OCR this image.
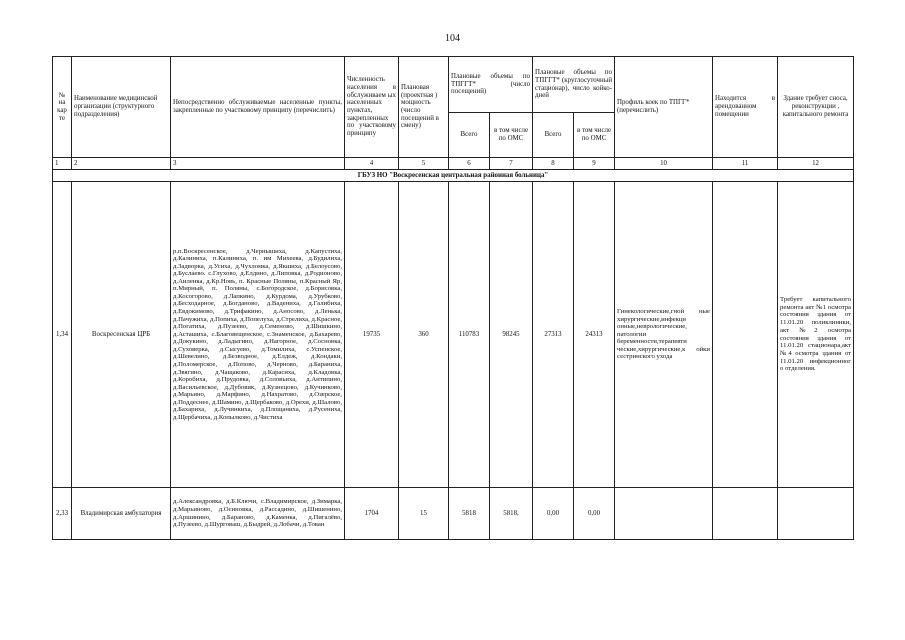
104
№ на кар те	Наименование медицинской организации (структурного подразделения)	Непосредственно обслуживаемые населенные пункты, закрепленные по участковому принципу (перечислить)	Численность населения в обслуживаем ых населенных пунктах, закрепленных по участковому принципу	Плановая (проектная ) мощность (число посещений в смену)	Плановые объемы по ТПГГТ* (число посещений)		Плановые объемы по ТПГГТ* (круглосуточный стационар), число койко-дней		Профиль коек по ТПГГ* (перечислить)	Находится в арендованном помещении	Здание требует сноса, реконструкции , капитального ремонта
					Всего	в том числе по ОМС	Всего	в том числе по ОМС			
1	2	3	4	5	6	7	8	9	10	11	12
ГБУЗ НО "Воскресенская центральная районная больница"											
1,34	Воскресенская ЦРБ	р.п.Воскресенское, д.Чернышиха, д.Капустиха, д.Калиниха, п.Калиниха, п. им Михеева, д.Будилиха, д.Задворка, д.Усиха, д.Чухломка, д.Якшиха, д.Белоусово, д.Буслаево. с.Глухово, д.Елдино, д.Липовка, д.Родионово, д.Аиленка, д.Кр.Новь, п. Красные Поляны, п.Красный Яр, п.Мирный, п. Поляны, с.Богородское, д.Борисовка, д.Косогорово, д.Лапкино, д.Курдома, д.Урубково, д.Бесходарное, д.Богданово, д.Вадениха, д.Галибиха, д.Евдокимово, д.Трифакино, д.Аносово, д.Ленька, д.Пачужиха, д.Попиха, д.Попелуха, д.Стрелиха, д.Красное, д.Погатиха, д.Пузеево, д.Семеново, д.Шишкино, д.Асташиха, с.Благовещенское, с.Знаменское, д.Бахарево, д.Докукино, д.Ладыгино, д.Нагорное, д.Сосновка, д.Суховерка, д.Сысуево, д.Томилиха, с.Успенское, д.Шевелино, д.Безводное, д.Елдеж, д.Кондаки, д.Поломерское, д.Попово, д.Черново, д.Бараниха, д.Звягино, д.Чащаково, д.Карасиха, д.Кладовка, д.Коробиха, д.Прудовка, д.Соловьиха, д.Антипино, д.Васильевское, д.Дубовик, д.Кузнецово, д.Кучинково, д.Марьино, д.Марфино, д.Нахратово, д.Озерское, д.Поддеснее, д.Шамино, д.Щербаково, д.Орехи, д.Шалово, д.Бахариха, д.Лучинкиха, д.Площаниха, д.Русениха, д.Щербачиха, д.Копылково, д.Чистиха	19735	360	110783	98245	27313	24313	Гинекологические,гной ные хирургические,инфекци онные,неврологические, патологии беременности,терапевти ческие,хирургические,к ойки сестринского ухода		Требует капитального ремонта акт №1 осмотра состояния здания от 11.01.20 поликлиники, акт №2 осмотра состояния здания от 11.01.20 стационара,акт №4 осмотра здания от 11.01.20 инфекционног о отделения.
2,33	Владимирская амбулатория	д.Александровка, д.Б.Ключи, с.Владимирское, д.Зимарка, д.Марьиново, д.Осиновка, д.Рассадино, д.Шишенино, д.Аршинино, д.Бараново, д.Каменка, д.Пигалёво, д.Пузеево, д.Шурговаш, д.Быдрей, д.Лобачи, д.Тован	1704	15	5818	5818,	0,00	0,00			
